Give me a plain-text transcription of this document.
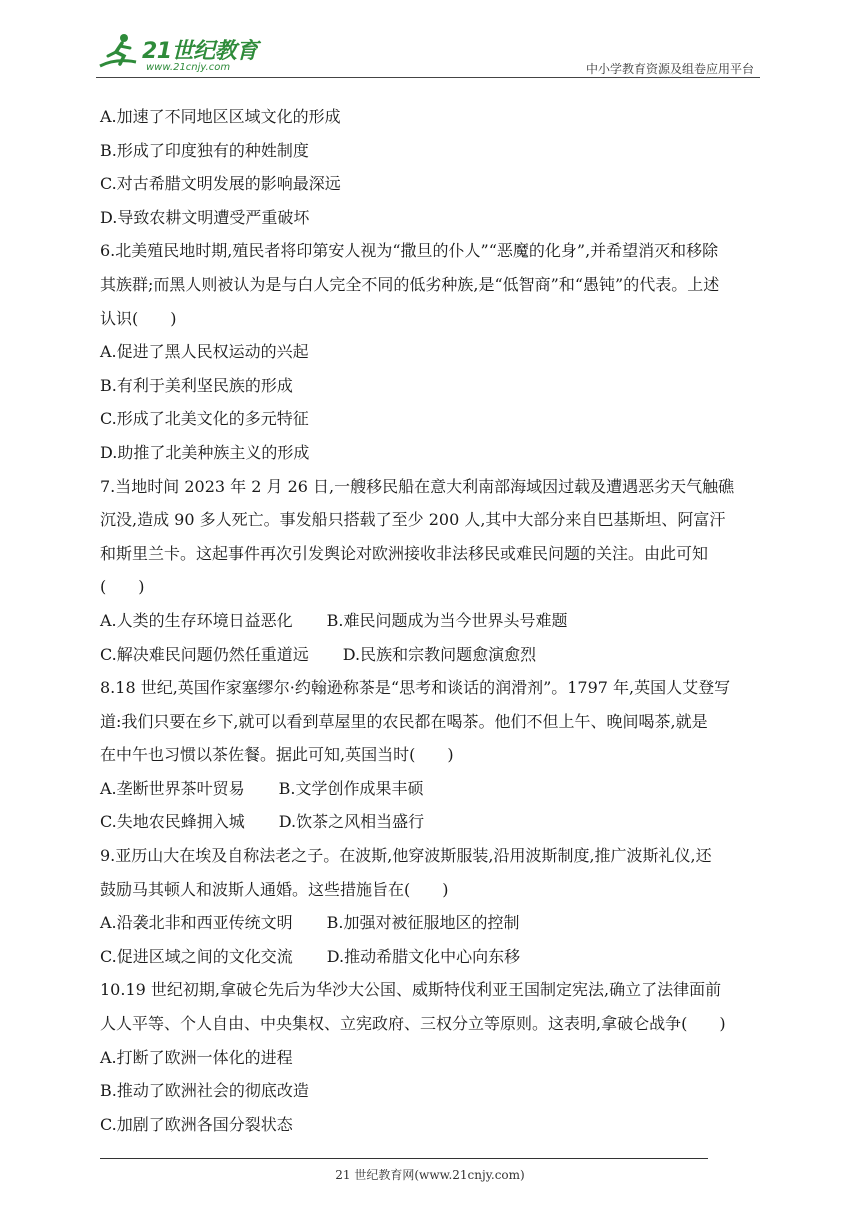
21世纪教育
www.21cnjy.com	中小学教育资源及组卷应用平台
A.加速了不同地区区域文化的形成
B.形成了印度独有的种姓制度
C.对古希腊文明发展的影响最深远
D.导致农耕文明遭受严重破坏
6.北美殖民地时期,殖民者将印第安人视为“撒旦的仆人”“恶魔的化身”,并希望消灭和移除
其族群;而黑人则被认为是与白人完全不同的低劣种族,是“低智商”和“愚钝”的代表。上述
认识(　　)
A.促进了黑人民权运动的兴起
B.有利于美利坚民族的形成
C.形成了北美文化的多元特征
D.助推了北美种族主义的形成
7.当地时间 2023 年 2 月 26 日,一艘移民船在意大利南部海域因过载及遭遇恶劣天气触礁
沉没,造成 90 多人死亡。事发船只搭载了至少 200 人,其中大部分来自巴基斯坦、阿富汗
和斯里兰卡。这起事件再次引发舆论对欧洲接收非法移民或难民问题的关注。由此可知
(　　)
A.人类的生存环境日益恶化 B.难民问题成为当今世界头号难题
C.解决难民问题仍然任重道远 D.民族和宗教问题愈演愈烈
8.18 世纪,英国作家塞缪尔·约翰逊称茶是“思考和谈话的润滑剂”。1797 年,英国人艾登写
道:我们只要在乡下,就可以看到草屋里的农民都在喝茶。他们不但上午、晚间喝茶,就是
在中午也习惯以茶佐餐。据此可知,英国当时(　　)
A.垄断世界茶叶贸易 B.文学创作成果丰硕
C.失地农民蜂拥入城 D.饮茶之风相当盛行
9.亚历山大在埃及自称法老之子。在波斯,他穿波斯服装,沿用波斯制度,推广波斯礼仪,还
鼓励马其顿人和波斯人通婚。这些措施旨在(　　)
A.沿袭北非和西亚传统文明 B.加强对被征服地区的控制
C.促进区域之间的文化交流 D.推动希腊文化中心向东移
10.19 世纪初期,拿破仑先后为华沙大公国、威斯特伐利亚王国制定宪法,确立了法律面前
人人平等、个人自由、中央集权、立宪政府、三权分立等原则。这表明,拿破仑战争(　　)
A.打断了欧洲一体化的进程
B.推动了欧洲社会的彻底改造
C.加剧了欧洲各国分裂状态
21 世纪教育网(www.21cnjy.com)
